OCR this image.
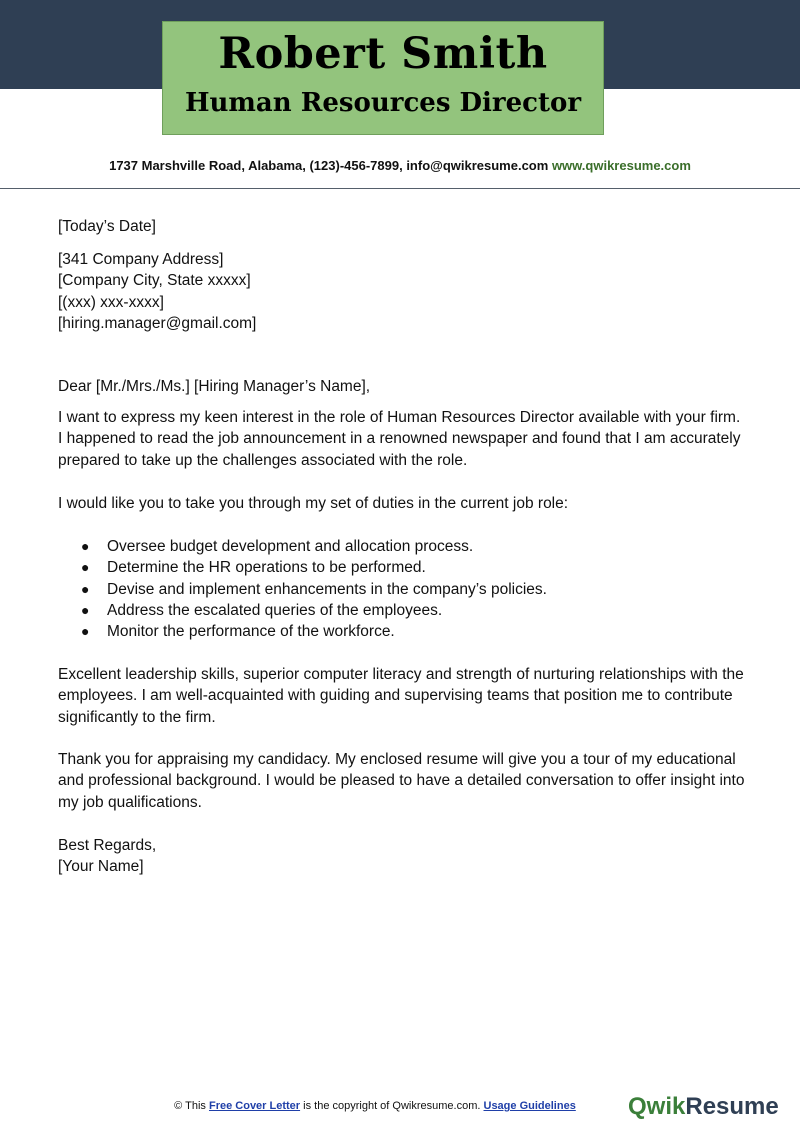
Robert Smith
Human Resources Director
1737 Marshville Road, Alabama, (123)-456-7899, info@qwikresume.com www.qwikresume.com
[Today’s Date]
[341 Company Address]
[Company City, State xxxxx]
[(xxx) xxx-xxxx]
[hiring.manager@gmail.com]
Dear [Mr./Mrs./Ms.] [Hiring Manager’s Name],

I want to express my keen interest in the role of Human Resources Director available with your firm. I happened to read the job announcement in a renowned newspaper and found that I am accurately prepared to take up the challenges associated with the role.

I would like you to take you through my set of duties in the current job role:

● Oversee budget development and allocation process.
● Determine the HR operations to be performed.
● Devise and implement enhancements in the company’s policies.
● Address the escalated queries of the employees.
● Monitor the performance of the workforce.

Excellent leadership skills, superior computer literacy and strength of nurturing relationships with the employees. I am well-acquainted with guiding and supervising teams that position me to contribute significantly to the firm.

Thank you for appraising my candidacy. My enclosed resume will give you a tour of my educational and professional background. I would be pleased to have a detailed conversation to offer insight into my job qualifications.

Best Regards,
[Your Name]
© This Free Cover Letter is the copyright of Qwikresume.com. Usage Guidelines	QwikResume
